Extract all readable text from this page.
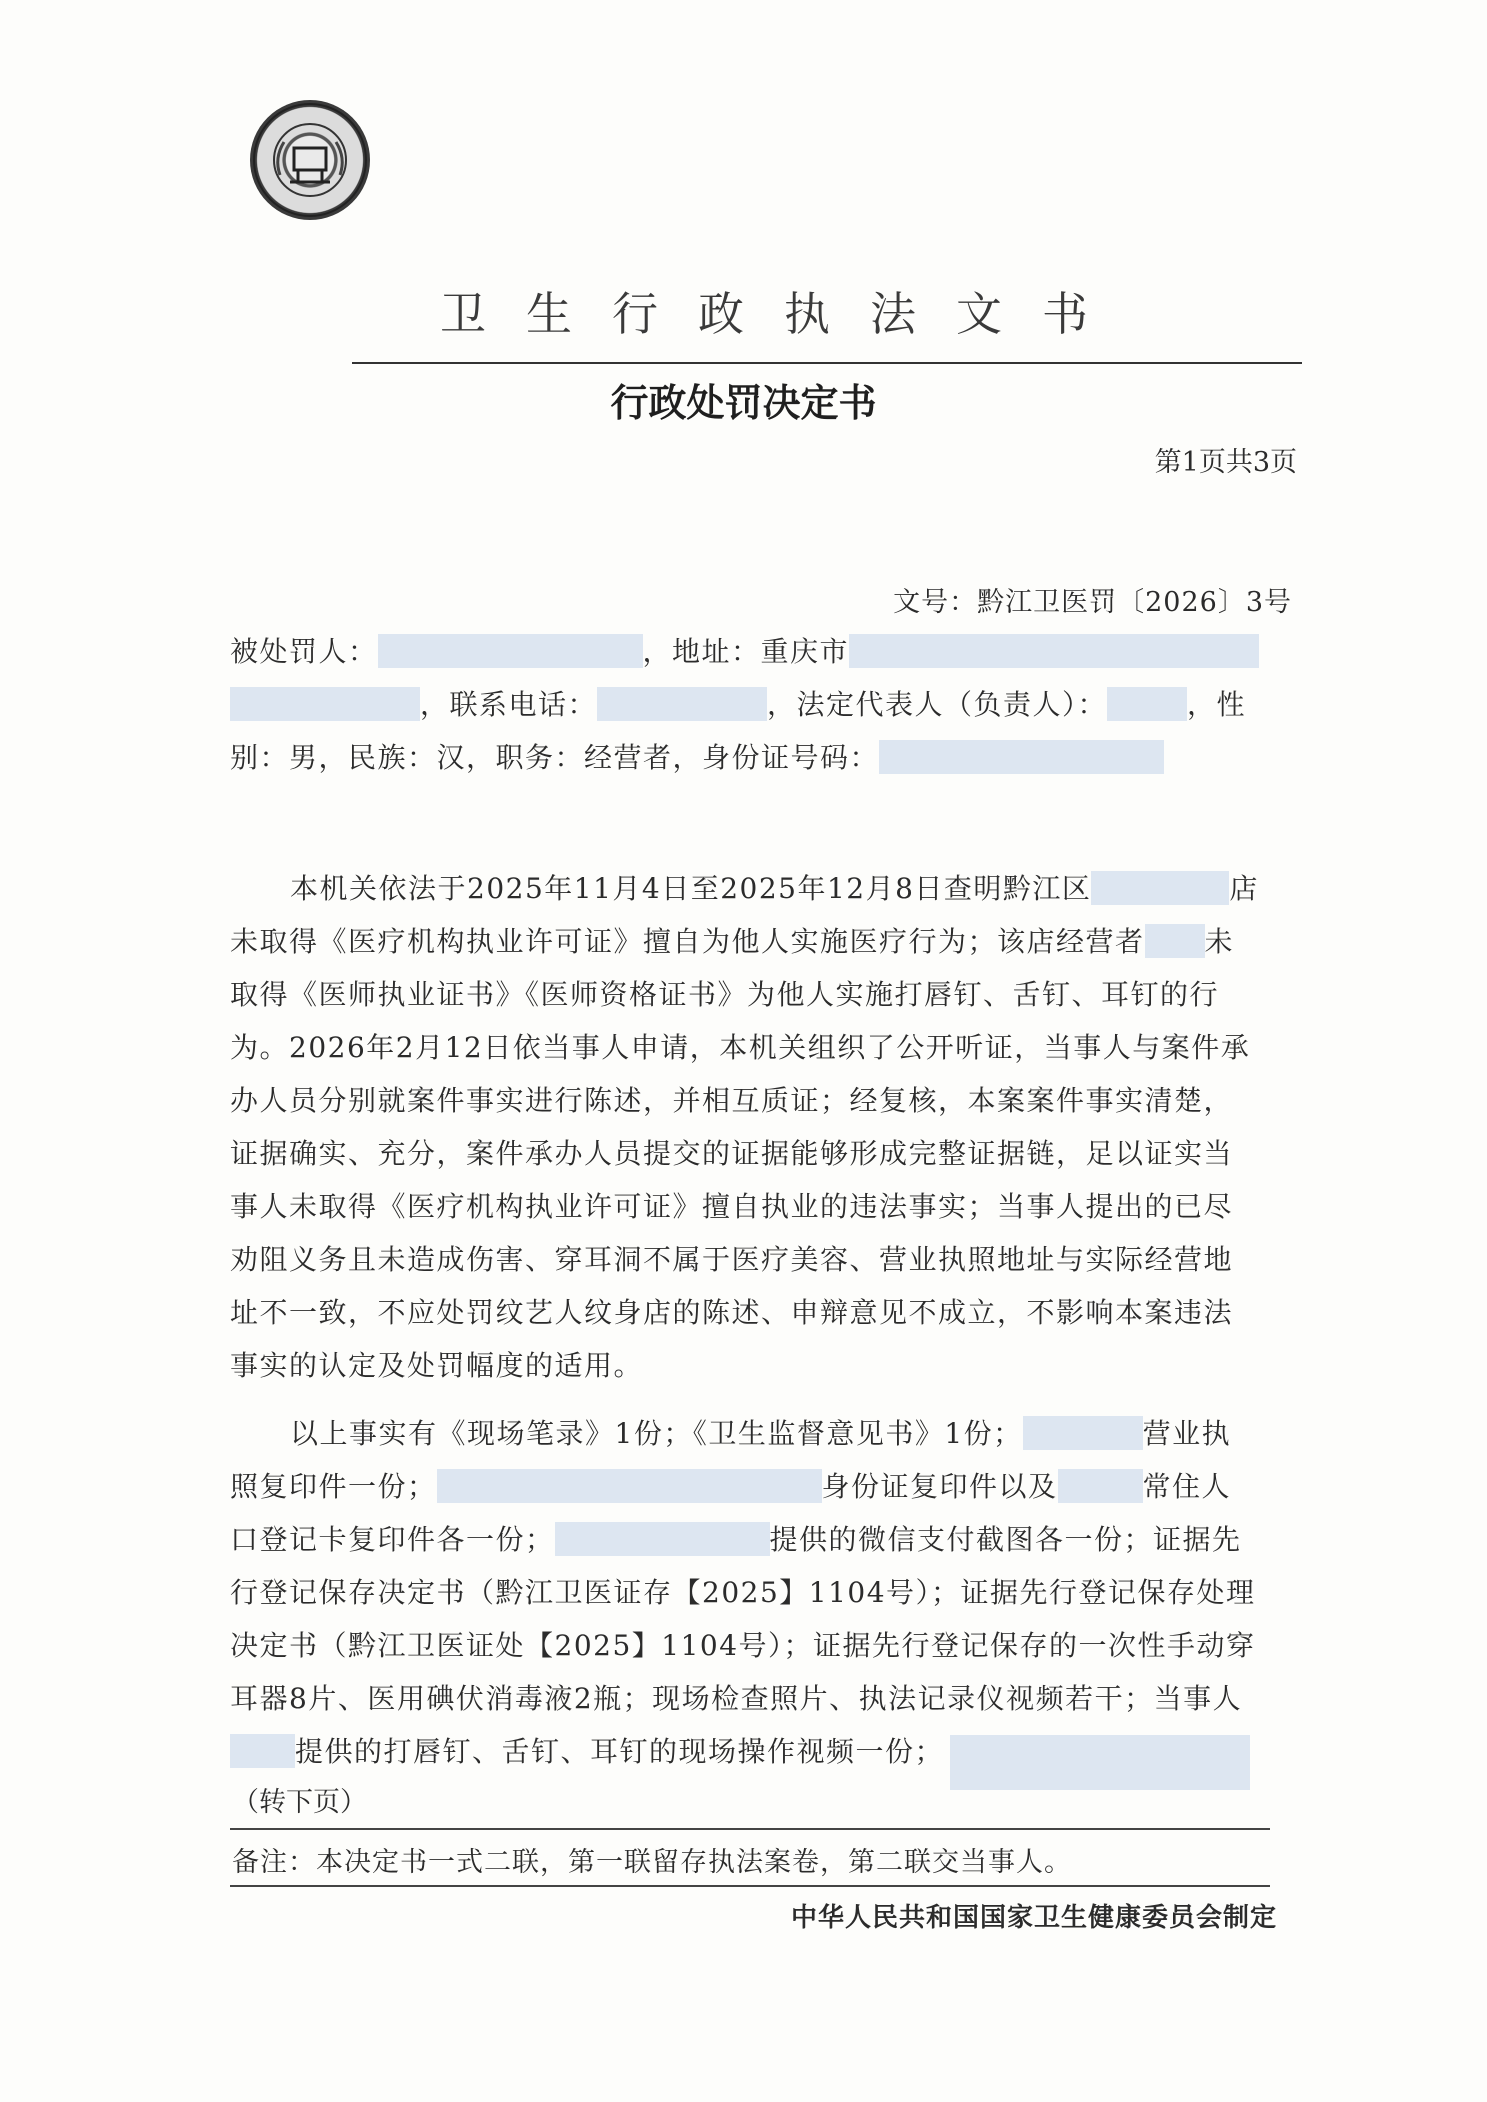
卫生行政执法文书
行政处罚决定书
第1页共3页
文号：黔江卫医罚〔2026〕3号
被处罚人：	，地址：重庆市，联系电话：	，法定代表人（负责人）：	，性别：男，民族：汉，职务：经营者，身份证号码：
本机关依法于2025年11月4日至2025年12月8日查明黔江区	店未取得《医疗机构执业许可证》擅自为他人实施医疗行为；该店经营者 未取得《医师执业证书》《医师资格证书》为他人实施打唇钉、舌钉、耳钉的行为。2026年2月12日依当事人申请，本机关组织了公开听证，当事人与案件承办人员分别就案件事实进行陈述，并相互质证；经复核，本案案件事实清楚，证据确实、充分，案件承办人员提交的证据能够形成完整证据链，足以证实当事人未取得《医疗机构执业许可证》擅自执业的违法事实；当事人提出的已尽劝阻义务且未造成伤害、穿耳洞不属于医疗美容、营业执照地址与实际经营地址不一致，不应处罚纹艺人纹身店的陈述、申辩意见不成立，不影响本案违法事实的认定及处罚幅度的适用。
以上事实有《现场笔录》1份；《卫生监督意见书》1份；	营业执照复印件一份；	身份证复印件以及	常住人口登记卡复印件各一份；	提供的微信支付截图各一份；证据先行登记保存决定书（黔江卫医证存【2025】1104号）；证据先行登记保存处理决定书（黔江卫医证处【2025】1104号）；证据先行登记保存的一次性手动穿耳器8片、医用碘伏消毒液2瓶；现场检查照片、执法记录仪视频若干；当事人提供的打唇钉、舌钉、耳钉的现场操作视频一份；
（转下页）
备注：本决定书一式二联，第一联留存执法案卷，第二联交当事人。
中华人民共和国国家卫生健康委员会制定
